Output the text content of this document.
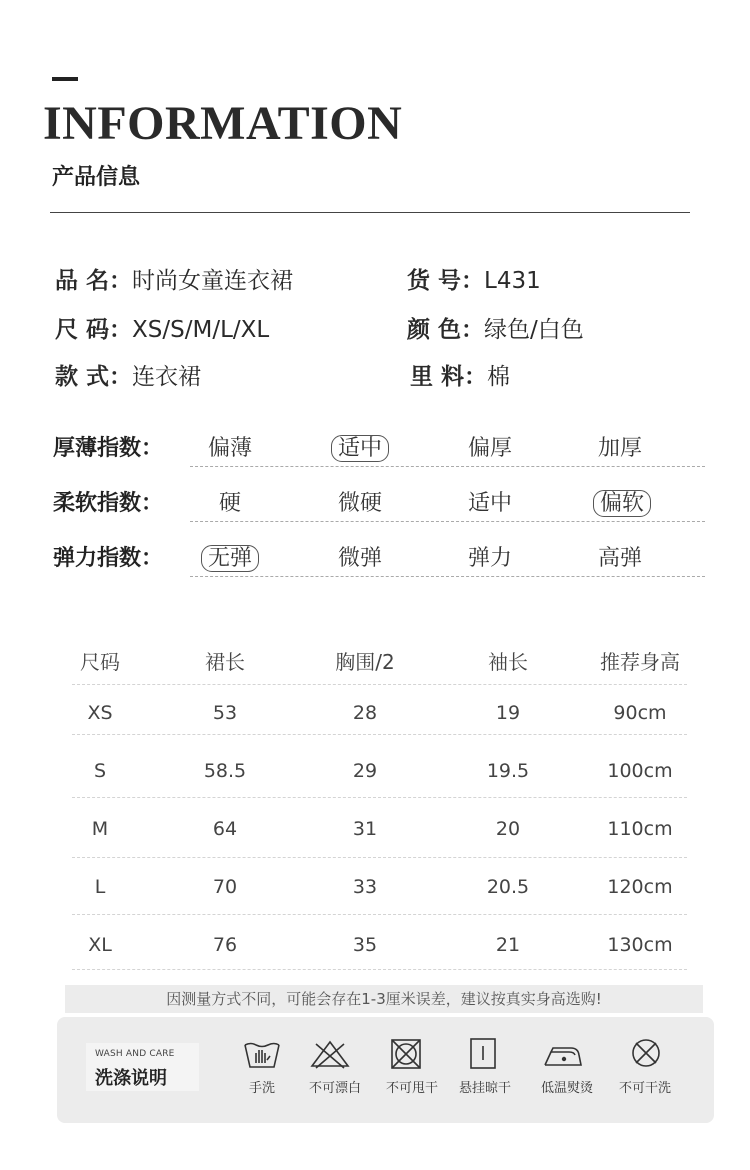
INFORMATION
产品信息
品 名：时尚女童连衣裙	货 号：L431
尺 码：XS/S/M/L/XL	颜 色：绿色/白色
款 式：连衣裙	里 料：棉
厚薄指数：	偏薄	适中	偏厚	加厚
柔软指数：	硬	微硬	适中	偏软
弹力指数：	无弹	微弹	弹力	高弹
尺码	裙长	胸围/2	袖长	推荐身高
XS	53	28	19	90cm
S	58.5	29	19.5	100cm
M	64	31	20	110cm
L	70	33	20.5	120cm
XL	76	35	21	130cm
因测量方式不同，可能会存在1-3厘米误差，建议按真实身高选购!
WASH AND CARE
洗涤说明	手洗	不可漂白	不可甩干	悬挂晾干	低温熨烫	不可干洗
